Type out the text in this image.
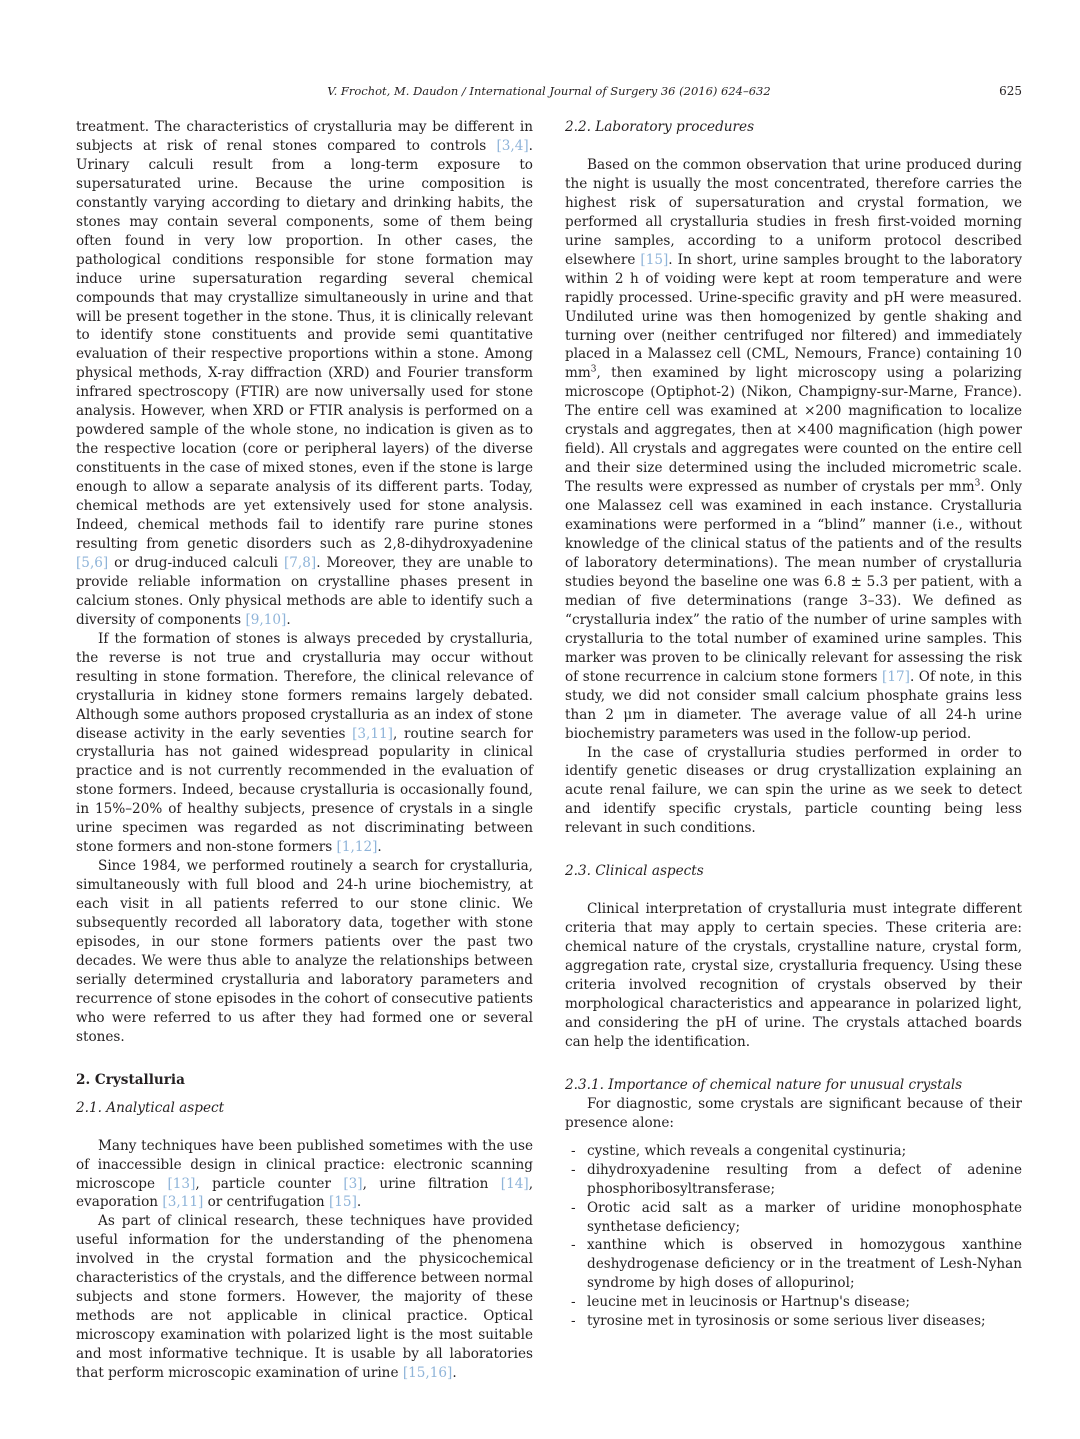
V. Frochot, M. Daudon / International Journal of Surgery 36 (2016) 624–632	625

treatment. The characteristics of crystalluria may be different in subjects at risk of renal stones compared to controls [3,4]. Urinary calculi result from a long-term exposure to supersaturated urine. Because the urine composition is constantly varying according to dietary and drinking habits, the stones may contain several components, some of them being often found in very low proportion. In other cases, the pathological conditions responsible for stone formation may induce urine supersaturation regarding several chemical compounds that may crystallize simultaneously in urine and that will be present together in the stone. Thus, it is clinically relevant to identify stone constituents and provide semi quantitative evaluation of their respective proportions within a stone. Among physical methods, X-ray diffraction (XRD) and Fourier transform infrared spectroscopy (FTIR) are now universally used for stone analysis. However, when XRD or FTIR analysis is performed on a powdered sample of the whole stone, no indication is given as to the respective location (core or peripheral layers) of the diverse constituents in the case of mixed stones, even if the stone is large enough to allow a separate analysis of its different parts. Today, chemical methods are yet extensively used for stone analysis. Indeed, chemical methods fail to identify rare purine stones resulting from genetic disorders such as 2,8-dihydroxyadenine [5,6] or drug-induced calculi [7,8]. Moreover, they are unable to provide reliable information on crystalline phases present in calcium stones. Only physical methods are able to identify such a diversity of components [9,10].

If the formation of stones is always preceded by crystalluria, the reverse is not true and crystalluria may occur without resulting in stone formation. Therefore, the clinical relevance of crystalluria in kidney stone formers remains largely debated. Although some authors proposed crystalluria as an index of stone disease activity in the early seventies [3,11], routine search for crystalluria has not gained widespread popularity in clinical practice and is not currently recommended in the evaluation of stone formers. Indeed, because crystalluria is occasionally found, in 15%–20% of healthy subjects, presence of crystals in a single urine specimen was regarded as not discriminating between stone formers and non-stone formers [1,12].

Since 1984, we performed routinely a search for crystalluria, simultaneously with full blood and 24-h urine biochemistry, at each visit in all patients referred to our stone clinic. We subsequently recorded all laboratory data, together with stone episodes, in our stone formers patients over the past two decades. We were thus able to analyze the relationships between serially determined crystalluria and laboratory parameters and recurrence of stone episodes in the cohort of consecutive patients who were referred to us after they had formed one or several stones.

2. Crystalluria

2.1. Analytical aspect

Many techniques have been published sometimes with the use of inaccessible design in clinical practice: electronic scanning microscope [13], particle counter [3], urine filtration [14], evaporation [3,11] or centrifugation [15].

As part of clinical research, these techniques have provided useful information for the understanding of the phenomena involved in the crystal formation and the physicochemical characteristics of the crystals, and the difference between normal subjects and stone formers. However, the majority of these methods are not applicable in clinical practice. Optical microscopy examination with polarized light is the most suitable and most informative technique. It is usable by all laboratories that perform microscopic examination of urine [15,16].

2.2. Laboratory procedures

Based on the common observation that urine produced during the night is usually the most concentrated, therefore carries the highest risk of supersaturation and crystal formation, we performed all crystalluria studies in fresh first-voided morning urine samples, according to a uniform protocol described elsewhere [15]. In short, urine samples brought to the laboratory within 2 h of voiding were kept at room temperature and were rapidly processed. Urine-specific gravity and pH were measured. Undiluted urine was then homogenized by gentle shaking and turning over (neither centrifuged nor filtered) and immediately placed in a Malassez cell (CML, Nemours, France) containing 10 $mm^3$, then examined by light microscopy using a polarizing microscope (Optiphot-2) (Nikon, Champigny-sur-Marne, France). The entire cell was examined at ×200 magnification to localize crystals and aggregates, then at ×400 magnification (high power field). All crystals and aggregates were counted on the entire cell and their size determined using the included micrometric scale. The results were expressed as number of crystals per $mm^3$. Only one Malassez cell was examined in each instance. Crystalluria examinations were performed in a “blind” manner (i.e., without knowledge of the clinical status of the patients and of the results of laboratory determinations). The mean number of crystalluria studies beyond the baseline one was 6.8 ± 5.3 per patient, with a median of five determinations (range 3–33). We defined as “crystalluria index” the ratio of the number of urine samples with crystalluria to the total number of examined urine samples. This marker was proven to be clinically relevant for assessing the risk of stone recurrence in calcium stone formers [17]. Of note, in this study, we did not consider small calcium phosphate grains less than 2 μm in diameter. The average value of all 24-h urine biochemistry parameters was used in the follow-up period.

In the case of crystalluria studies performed in order to identify genetic diseases or drug crystallization explaining an acute renal failure, we can spin the urine as we seek to detect and identify specific crystals, particle counting being less relevant in such conditions.

2.3. Clinical aspects

Clinical interpretation of crystalluria must integrate different criteria that may apply to certain species. These criteria are: chemical nature of the crystals, crystalline nature, crystal form, aggregation rate, crystal size, crystalluria frequency. Using these criteria involved recognition of crystals observed by their morphological characteristics and appearance in polarized light, and considering the pH of urine. The crystals attached boards can help the identification.

2.3.1. Importance of chemical nature for unusual crystals

For diagnostic, some crystals are significant because of their presence alone:

- cystine, which reveals a congenital cystinuria;
- dihydroxyadenine resulting from a defect of adenine phosphoribosyltransferase;
- Orotic acid salt as a marker of uridine monophosphate synthetase deficiency;
- xanthine which is observed in homozygous xanthine deshydrogenase deficiency or in the treatment of Lesh-Nyhan syndrome by high doses of allopurinol;
- leucine met in leucinosis or Hartnup's disease;
- tyrosine met in tyrosinosis or some serious liver diseases;
